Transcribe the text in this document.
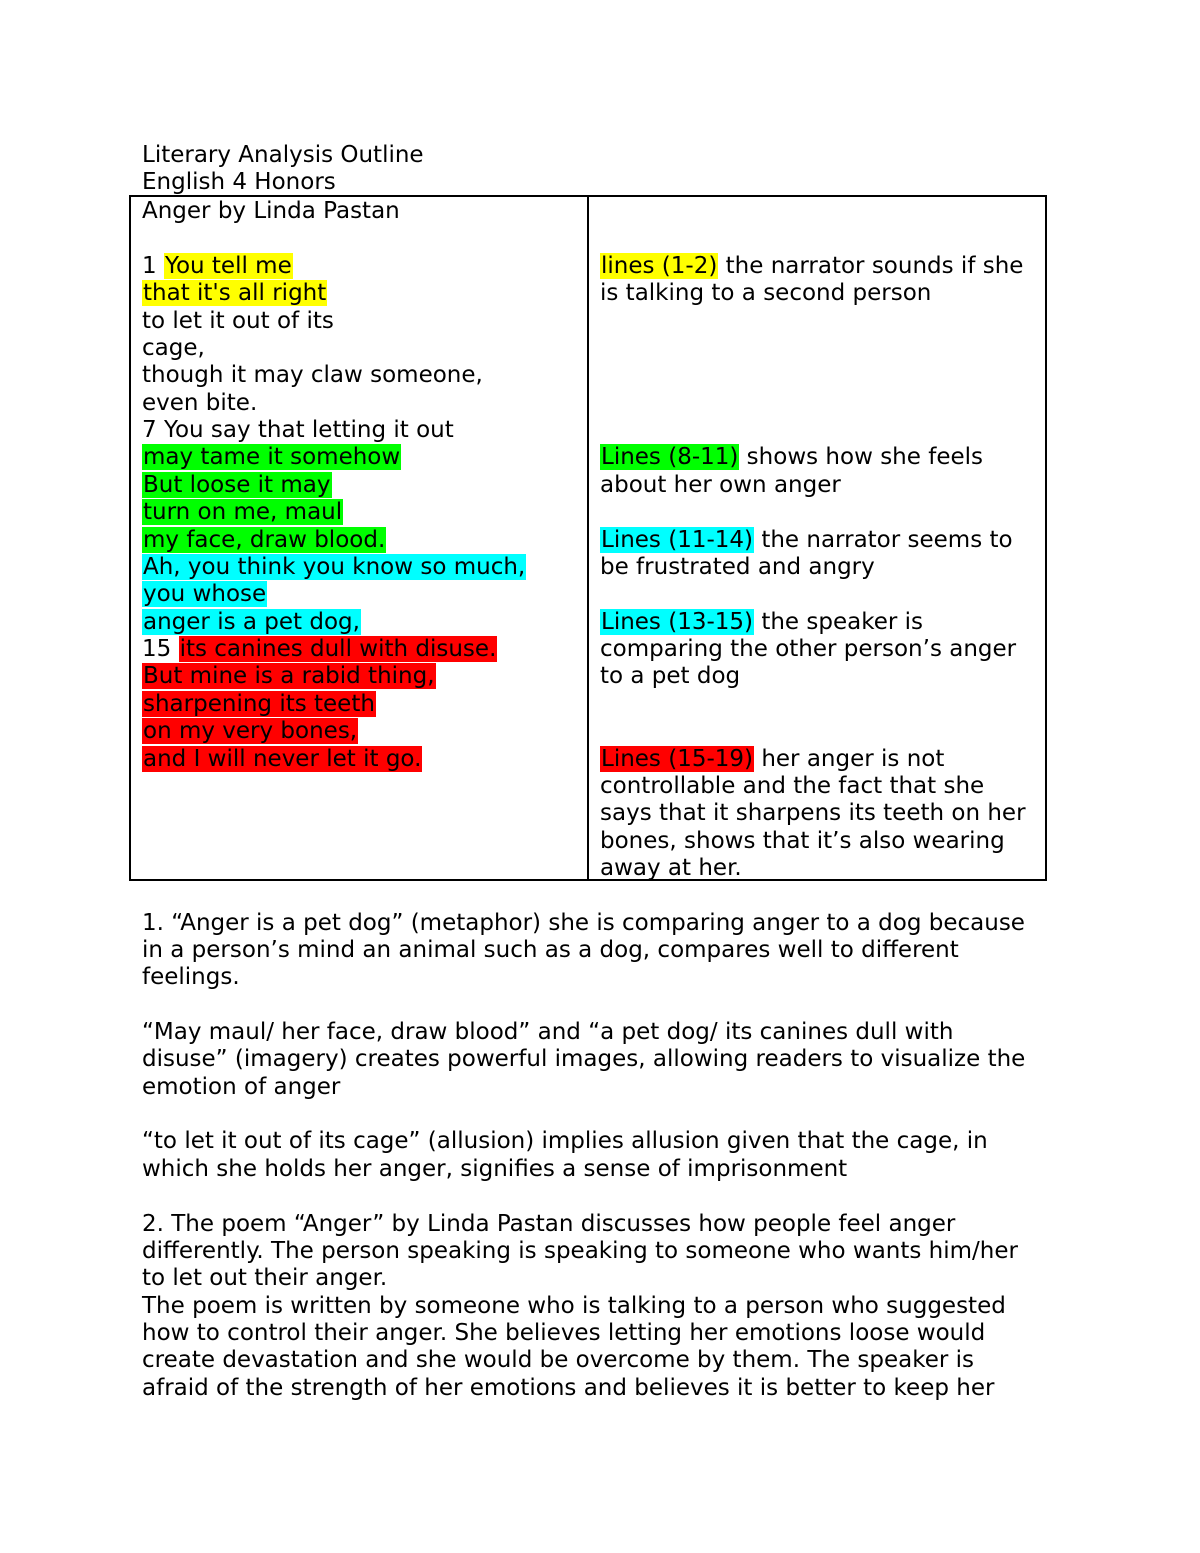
Literary Analysis Outline
English 4 Honors
Anger by Linda Pastan
1 You tell me
that it's all right
to let it out of its
cage,
though it may claw someone,
even bite.
7 You say that letting it out
may tame it somehow
But loose it may
turn on me, maul
my face, draw blood.
Ah, you think you know so much,
you whose
anger is a pet dog,
15 its canines dull with disuse.
But mine is a rabid thing,
sharpening its teeth
on my very bones,
and I will never let it go.
lines (1-2) the narrator sounds if she
is talking to a second person
Lines (8-11) shows how she feels
about her own anger
Lines (11-14) the narrator seems to
be frustrated and angry
Lines (13-15) the speaker is
comparing the other person’s anger
to a pet dog
Lines (15-19) her anger is not
controllable and the fact that she
says that it sharpens its teeth on her
bones, shows that it’s also wearing
away at her.
1. “Anger is a pet dog” (metaphor) she is comparing anger to a dog because
in a person’s mind an animal such as a dog, compares well to different
feelings.
“May maul/ her face, draw blood” and “a pet dog/ its canines dull with
disuse” (imagery) creates powerful images, allowing readers to visualize the
emotion of anger
“to let it out of its cage” (allusion) implies allusion given that the cage, in
which she holds her anger, signifies a sense of imprisonment
2. The poem “Anger” by Linda Pastan discusses how people feel anger
differently. The person speaking is speaking to someone who wants him/her
to let out their anger.
The poem is written by someone who is talking to a person who suggested
how to control their anger. She believes letting her emotions loose would
create devastation and she would be overcome by them. The speaker is
afraid of the strength of her emotions and believes it is better to keep her
